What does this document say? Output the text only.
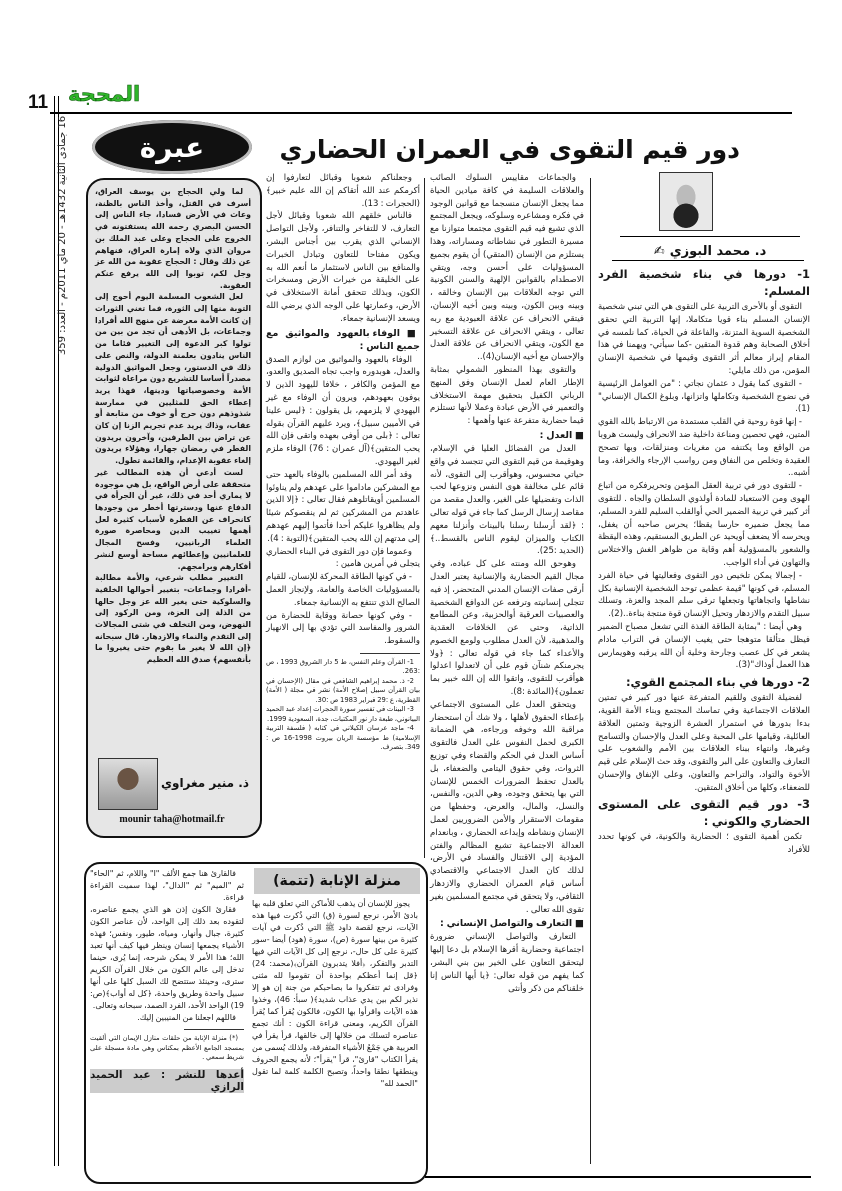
11 المحجة
16 جمادى الثانية 1432هـ - 20 ماي 2011م - العدد: 359
عبرة

لما ولي الحجاج بن يوسف العراق، أسرف في القتل، وأخذ الناس بالظنة، وعاث في الأرض فسادا، جاء الناس إلى الحسن البصري رحمه الله يستفتونه في الخروج على الحجاج وعلى عبد الملك بن مروان الذي ولاه إمارة العراق، فنهاهم عن ذلك وقال : الحجاج عقوبة من الله عز وجل لكم، توبوا إلى الله يرفع عنكم العقوبة.

لعل الشعوب المسلمة اليوم أحوج إلى التوبة منها إلى الثورة، فما تغني الثورات إن كانت الأمة معرضة عن منهج الله أفرادا وجماعات، بل الأدهى أن تجد من بين من تولوا كبر الدعوة إلى التغيير فئاما من الناس ينادون بعلمنة الدولة، والنص على ذلك في الدستور، وجعل المواثيق الدولية مصدراً أساسا للتشريع دون مراعاة لثوابت الأمة وخصوصياتها ودينها، فهذا يريد إعطاء الحق للمثليين في ممارسة شذوذهم دون حرج أو خوف من متابعة أو عقاب، وذاك يريد عدم تجريم الزنا إن كان عن تراض بين الطرفين، وآخرون يريدون الفطر في رمضان جهارا، وهؤلاء يريدون إلغاء عقوبة الإعدام، والقائمة تطول.

لست أدعي أن هذه المطالب غير متحققة على أرض الواقع، بل هي موجودة لا يماري أحد في ذلك، غير أن الجرأة في الدفاع عنها ودسترتها أخطر من وجودها كانحراف عن الفطرة لأسباب كثيرة لعل أهمها تغييب الدين ومحاصرة صورة العلماء الربانيين، وفسح المجال للعلمانيين وإعطائهم مساحة أوسع لنشر أفكارهم وبرامجهم.

التغيير مطلب شرعي، والأمة مطالبة -أفرادا وجماعات- بتغيير أحوالها الخلقية والسلوكية حتى يغير الله عز وجل حالها من الذلة إلى العزة، ومن الركود إلى النهوض، ومن التخلف في شتى المجالات إلى التقدم والنماء والازدهار. قال سبحانه ﴿إن الله لا يغير ما بقوم حتى يغيروا ما بأنفسهم﴾ صدق الله العظيم

ذ. منير مغراوي
mounir taha@hotmail.fr
دور قيم التقوى في العمران الحضاري
د. محمد البوزي ✍
1- دورها في بناء شخصية الفرد المسلم:

التقوى أو بالأحرى التربية على التقوى هي التي تبني شخصية الإنسان المسلم بناء قويا متكاملا، إنها التربية التي تحقق الشخصية السوية المتزنة، والفاعلة في الحياة، كما نلمسه في أخلاق الصحابة وهم قدوة المتقين -كما سيأتي- ويهمنا في هذا المقام إبراز معالم أثر التقوى وقيمها في شخصية الإنسان المؤمن، من ذلك مايلي:

- التقوى كما يقول د عثمان نجاتي : "من العوامل الرئيسية في نضوج الشخصية وتكاملها واتزانها، وبلوغ الكمال الإنساني"(1).

- إنها قوة روحية في القلب مستمدة من الارتباط بالله القوي المتين، فهي تحصين ومناعة داخلية ضد الانحراف وليست هروبا من الواقع وما يكتنفه من مغريات ومنزلقات، وبها تصحح العقيدة وتخلص من النفاق ومن رواسب الإرجاء والخرافة، وما أشبه..

- للتقوى دور في تربية العقل المؤمن وتحريرفكره من اتباع الهوى ومن الاستعباد للمادة أولذوي السلطان والجاه . للتقوى أثر كبير في تربية الضمير الحي أوالقلب السليم للفرد المسلم، مما يجعل ضميره حارسا يقظا؛ يحرس صاحبه أن يغفل، ويحرسه ألا يضعف أويحيد عن الطريق المستقيم، وهذه اليقظة والشعور بالمسؤولية أهم وقاية من ظواهر الغش والاختلاس والتهاون في أداء الواجب.

- إجمالا يمكن تلخيص دور التقوى وفعاليتها في حياة الفرد المسلم، في كونها "قيمة عظمى توحد الشخصية الإنسانية بكل نشاطها واتجاهاتها وتجعلها ترقى سلم المجد والعزة، وتسلك سبيل التقدم والازدهار وتحيل الإنسان قوة منتجة بناءة..(2).

وهي أيضا : "بمثابة الطاقة الفذة التي تشعل مصباح الضمير فيظل متألقا متوهجا حتى يغيب الإنسان في التراب مادام يشعر في كل عصب وجارحة وخلية أن الله يرقبه وهويمارس هذا العمل أوذاك"(3).

2- دورها في بناء المجتمع القوي:

لفضيلة التقوى وللقيم المتفرعة عنها دور كبير في تمتين العلاقات الاجتماعية وفي تماسك المجتمع وبناء الأمة القوية، بدءا بدورها في استمرار العشرة الزوجية وتمتين العلاقة العائلية، وقيامها على المحبة وعلى العدل والإحسان والتسامح وغيرها، وانتهاء ببناء العلاقات بين الأمم والشعوب على التعارف والتعاون على البر والتقوى، وقد حث الإسلام على قيم الأخوة والتواد، والتراحم والتعاون، وعلى الإنفاق والإحسان للضعفاء، وكلها من أخلاق المتقين.

3- دور قيم التقوى على المستوى الحضاري والكوني :

تكمن أهمية التقوى ؛ الحضارية والكونية، في كونها تحدد للأفراد

والجماعات مقاييس السلوك الصائب والعلاقات السليمة في كافة ميادين الحياة مما يجعل الإنسان منسجما مع قوانين الوجود في فكره ومشاعره وسلوكه، ويجعل المجتمع الذي تشيع فيه قيم التقوى مجتمعا متوازنا مع مسيرة التطور في نشاطاته ومساراته، وهذا يستلزم من الإنسان (المتقي) أن يقوم بجميع المسؤوليات على أحسن وجه، ويتقي الاصطدام بالقوانين الإلهية والسنن الكونية التي توجه العلاقات بين الإنسان وخالقه ، وبينه وبين الكون، وبينه وبين أخيه الإنسان، فيتقي الانحراف عن علاقة العبودية مع ربه تعالى ، ويتقي الانحراف عن علاقة التسخير مع الكون، ويتقي الانحراف عن علاقة العدل والإحسان مع أخيه الإنسان(4)..

والتقوى بهذا المنظور الشمولي بمثابة الإطار العام لعمل الإنسان وفق المنهج الرباني الكفيل بتحقيق مهمة الاستخلاف والتعمير في الأرض عبادة وعملا لأنها تستلزم قيما حضارية متفرعة عنها وأهمها :

■ العدل :

العدل من الفضائل العليا في الإسلام، وهوقيمة من قيم التقوى التي تتجسد في واقع حياتي محسوس، وهوأقرب إلى التقوى، لأنه قائم على مخالفة هوى النفس ونزوعها لحب الذات وتفضيلها على الغير، والعدل مقصد من مقاصد إرسال الرسل كما جاء في قوله تعالى : ﴿لقد أرسلنا رسلنا بالبينات وأنزلنا معهم الكتاب والميزان ليقوم الناس بالقسط..﴾(الحديد :25).

وهوحق الله ومنته على كل عباده، وفي مجال القيم الحضارية والإنسانية يعتبر العدل أرقى صفات الإنسان المدني المتحضر، إذ فيه تتجلى إنسانيته وترفعه عن الدوافع الشخصية والعصبيات العرقية أوالحزبية، وعن المطامع الذاتية، وحتى عن الخلافات العقدية والمذهبية، لأن العدل مطلوب ولومع الخصوم والأعداء كما جاء في قوله تعالى : ﴿ولا يجرمنكم شنآن قوم على أن لاتعدلوا اعدلوا هوأقرب للتقوى، واتقوا الله إن الله خبير بما تعملون﴾(المائدة :8).

ويتحقق العدل على المستوى الاجتماعي بإعطاء الحقوق لأهلها ، ولا شك أن استحضار مراقبة الله وخوفه ورجاءه، هي الضمانة الكبرى لحمل النفوس على العدل فالتقوى أساس العدل في الحكم والقضاء وفي توزيع الثروات، وفي حقوق اليتامى والضعفاء، بل بالعدل تحفظ الضرورات الخمس للإنسان التي بها يتحقق وجوده، وهي الدين، والنفس، والنسل، والمال، والعرض، وحفظها من مقومات الاستقرار والأمن الضروريين لعمل الإنسان ونشاطه وإبداعه الحضاري ، وبانعدام العدالة الاجتماعية تشيع المظالم والفتن المؤدية إلى الاقتتال والفساد في الأرض، لذلك كان العدل الاجتماعي والاقتصادي أساس قيام العمران الحضاري والازدهار الثقافي، ولا يتحقق في مجتمع المسلمين بغير تقوى الله تعالى .

■ التعارف والتواصل الإنساني :

التعارف والتواصل الإنساني ضرورة اجتماعية وحضارية أقرها الإسلام بل دعا إليها ليتحقق التعاون على الخير بين بني البشر، كما يفهم من قوله تعالى: ﴿يا أيها الناس إنا خلقناكم من ذكر وأنثى

وجعلناكم شعوبا وقبائل لتعارفوا إن أكرمكم عند الله أتقاكم إن الله عليم خبير﴾(الحجرات : 13).

فالناس خلقهم الله شعوبا وقبائل لأجل التعارف، لا للتفاخر والتنافر، ولأجل التواصل الإنساني الذي يقرب بين أجناس البشر، ويكون مفتاحا للتعاون وتبادل الخبرات والمنافع بين الناس لاستثمار ما أنعم الله به على الخليقة من خيرات الأرض ومسخرات الكون، وبذلك تتحقق أمانة الاستخلاف في الأرض، وعمارتها على الوجه الذي يرضي الله ويسعد الإنسانية جمعاء.

■ الوفاء بالعهود والمواثيق مع جميع الناس :

الوفاء بالعهود والمواثيق من لوازم الصدق والعدل، هوبدوره واجب تجاه الصديق والعدو، مع المؤمن والكافر ، خلافا لليهود الذين لا يوفون بعهودهم، ويرون أن الوفاء مع غير اليهودي لا يلزمهم، بل يقولون : ﴿ليس علينا في الأميين سبيل﴾، ويرد عليهم القرآن بقوله تعالى : ﴿بلى من أوفى بعهده واتقى فإن الله يحب المتقين﴾(آل عمران : 76) الوفاء ملزم لغير اليهودي.

وقد أمر الله المسلمين بالوفاء بالعهد حتى مع المشركين ماداموا على عهدهم ولم يناوئوا المسلمين أويقاتلوهم فقال تعالى : ﴿إلا الذين عاهدتم من المشركين ثم لم ينقصوكم شيئا ولم يظاهروا عليكم أحدا فأتموا إليهم عهدهم إلى مدتهم إن الله يحب المتقين﴾(التوبة : 4).

وعموما فإن دور التقوى في البناء الحضاري يتجلى في أمرين هامين :

- في كونها الطاقة المحركة للإنسان، للقيام بالمسؤوليات الخاصة والعامة، ولإنجاز العمل الصالح الذي تنتفع به الإنسانية جمعاء.

- وفي كونها حصانة ووقاية للحضارة من الشرور والمفاسد التي تؤدي بها إلى الانهيار والسقوط.

1- القرآن وعلم النفس، ط 5 دار الشروق 1993 ، ص :263.

2- ذ. محمد إبراهيم الشافعي في مقال (الإحسان في بيان القرآن سبيل إصلاح الأمة) نشر في مجلة ( الأمة) القطرية، ع :29 فبراير 1983 ص :30.

3- البينات في تفسير سورة الحجرات إعداد عبد الحميد البيانوني، طبعة دار نور المكتبات، جدة، السعودية 1999.

4- ماجد عرسان الكيلاني في كتابه ( فلسفة التربية الإسلامية) ط مؤسسة الريان بيروت 1998-16 ص : 349. بتصرف.

منزلة الإنابة (تتمة)

يجوز للإنسان أن يذهب للأماكن التي تعلق قلبه بها بادئ الأمر، نرجع لسورة (ق) التي ذُكرت فيها هذه الآيات، نرجع لقصة داود ﷺ التي ذُكرت في آيات كثيرة من بينها سورة (ص)، سورة (هود) أيضا -سور كثيرة على كل حال-، نرجع إلى كل الآيات التي فيها التدبر والتفكر، ﴿أفلا يتدبرون القرآن﴾(محمد: 24) ﴿قل إنما أعظكم بواحدة أن تقوموا لله مثنى وفرادى ثم تتفكروا ما بصاحبكم من جنة إن هو إلا نذير لكم بين يدي عذاب شديد﴾( سبأ: 46)، وخذوا هذه الآيات واقرأوا بها الكون، فالكون يُقرأ كما يُقرأ القرآن الكريم، ومعنى قراءة الكون : أنك تجمع عناصره لتسلك من خلالها إلى خالقها، قرأ يقرأ في العربية هي جَمْعُ الأشياء المتفرقة، ولذلك يُسمى من يقرأ الكتاب "قارئ"، قرأ "يقرأ"؛ لأنه يجمع الحروف وينطقها نطقا واحداً، وتصبح الكلمة كلمة لما تقول "الحمد لله"

فالقارئ هنا جمع الألف "ا" واللام، ثم "الحاء" ثم "الميم" ثم "الدال"، لهذا سميت القراءة قراءة.

فقارئ الكون إذن هو الذي يجمع عناصره، لتقوده بعد ذلك إلى الواحد، لأن عناصر الكون كثيرة، جبال وأنهار، ومياه، طيور، ونفس؛ فهذه الأشياء يجمعها إنسان وينظر فيها كيف أنها تعبد الله؛ هذا الأمر لا يمكن شرحه، إنما يُرى، حينما تدخل إلى عالم الكون من خلال القرآن الكريم سترى، وحينئذ ستتضح لك السبل كلها على أنها سبيل واحدة وطريق واحدة، ﴿كل له أواب﴾(ص: 19) الواحد الأحد، الفرد الصمد، سبحانه وتعالى.

فاللهم اجعلنا من المنيبين إليك.

(*) منزلة الإنابة من حلقات منازل الإيمان التي ألقيت بمسجد الجامع الأعظم بمكناس وهي مادة مسجلة على شريط سمعي .

أعدها للنشر : عبد الحميد الرازي
